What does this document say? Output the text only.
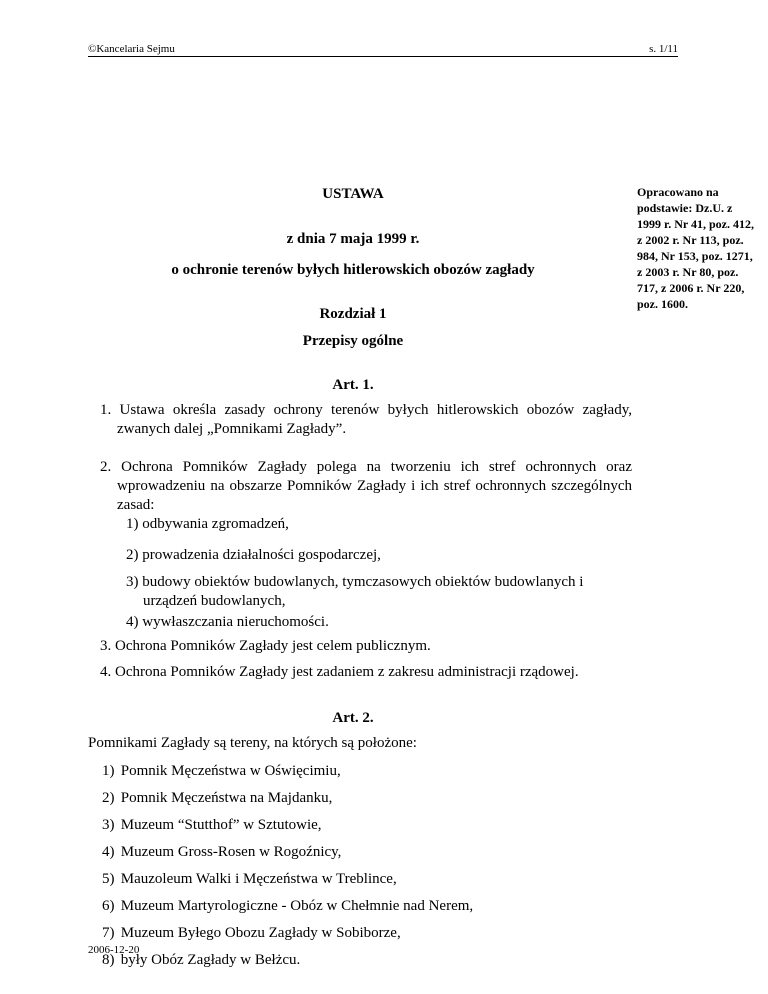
©Kancelaria Sejmu	s. 1/11
USTAWA
z dnia 7 maja 1999 r.
o ochronie terenów byłych hitlerowskich obozów zagłady
Opracowano na podstawie: Dz.U. z 1999 r. Nr 41, poz. 412, z 2002 r. Nr 113, poz. 984, Nr 153, poz. 1271, z 2003 r. Nr 80, poz. 717, z 2006 r. Nr 220, poz. 1600.
Rozdział 1
Przepisy ogólne
Art. 1.
1. Ustawa określa zasady ochrony terenów byłych hitlerowskich obozów zagłady, zwanych dalej „Pomnikami Zagłady”.
2. Ochrona Pomników Zagłady polega na tworzeniu ich stref ochronnych oraz wprowadzeniu na obszarze Pomników Zagłady i ich stref ochronnych szczególnych zasad:
1) odbywania zgromadzeń,
2) prowadzenia działalności gospodarczej,
3) budowy obiektów budowlanych, tymczasowych obiektów budowlanych i urządzeń budowlanych,
4) wywłaszczania nieruchomości.
3. Ochrona Pomników Zagłady jest celem publicznym.
4. Ochrona Pomników Zagłady jest zadaniem z zakresu administracji rządowej.
Art. 2.
Pomnikami Zagłady są tereny, na których są położone:
1) Pomnik Męczeństwa w Oświęcimiu,
2) Pomnik Męczeństwa na Majdanku,
3) Muzeum “Stutthof” w Sztutowie,
4) Muzeum Gross-Rosen w Rogoźnicy,
5) Mauzoleum Walki i Męczeństwa w Treblince,
6) Muzeum Martyrologiczne - Obóz w Chełmnie nad Nerem,
7) Muzeum Byłego Obozu Zagłady w Sobiborze,
8) były Obóz Zagłady w Bełżcu.
2006-12-20
